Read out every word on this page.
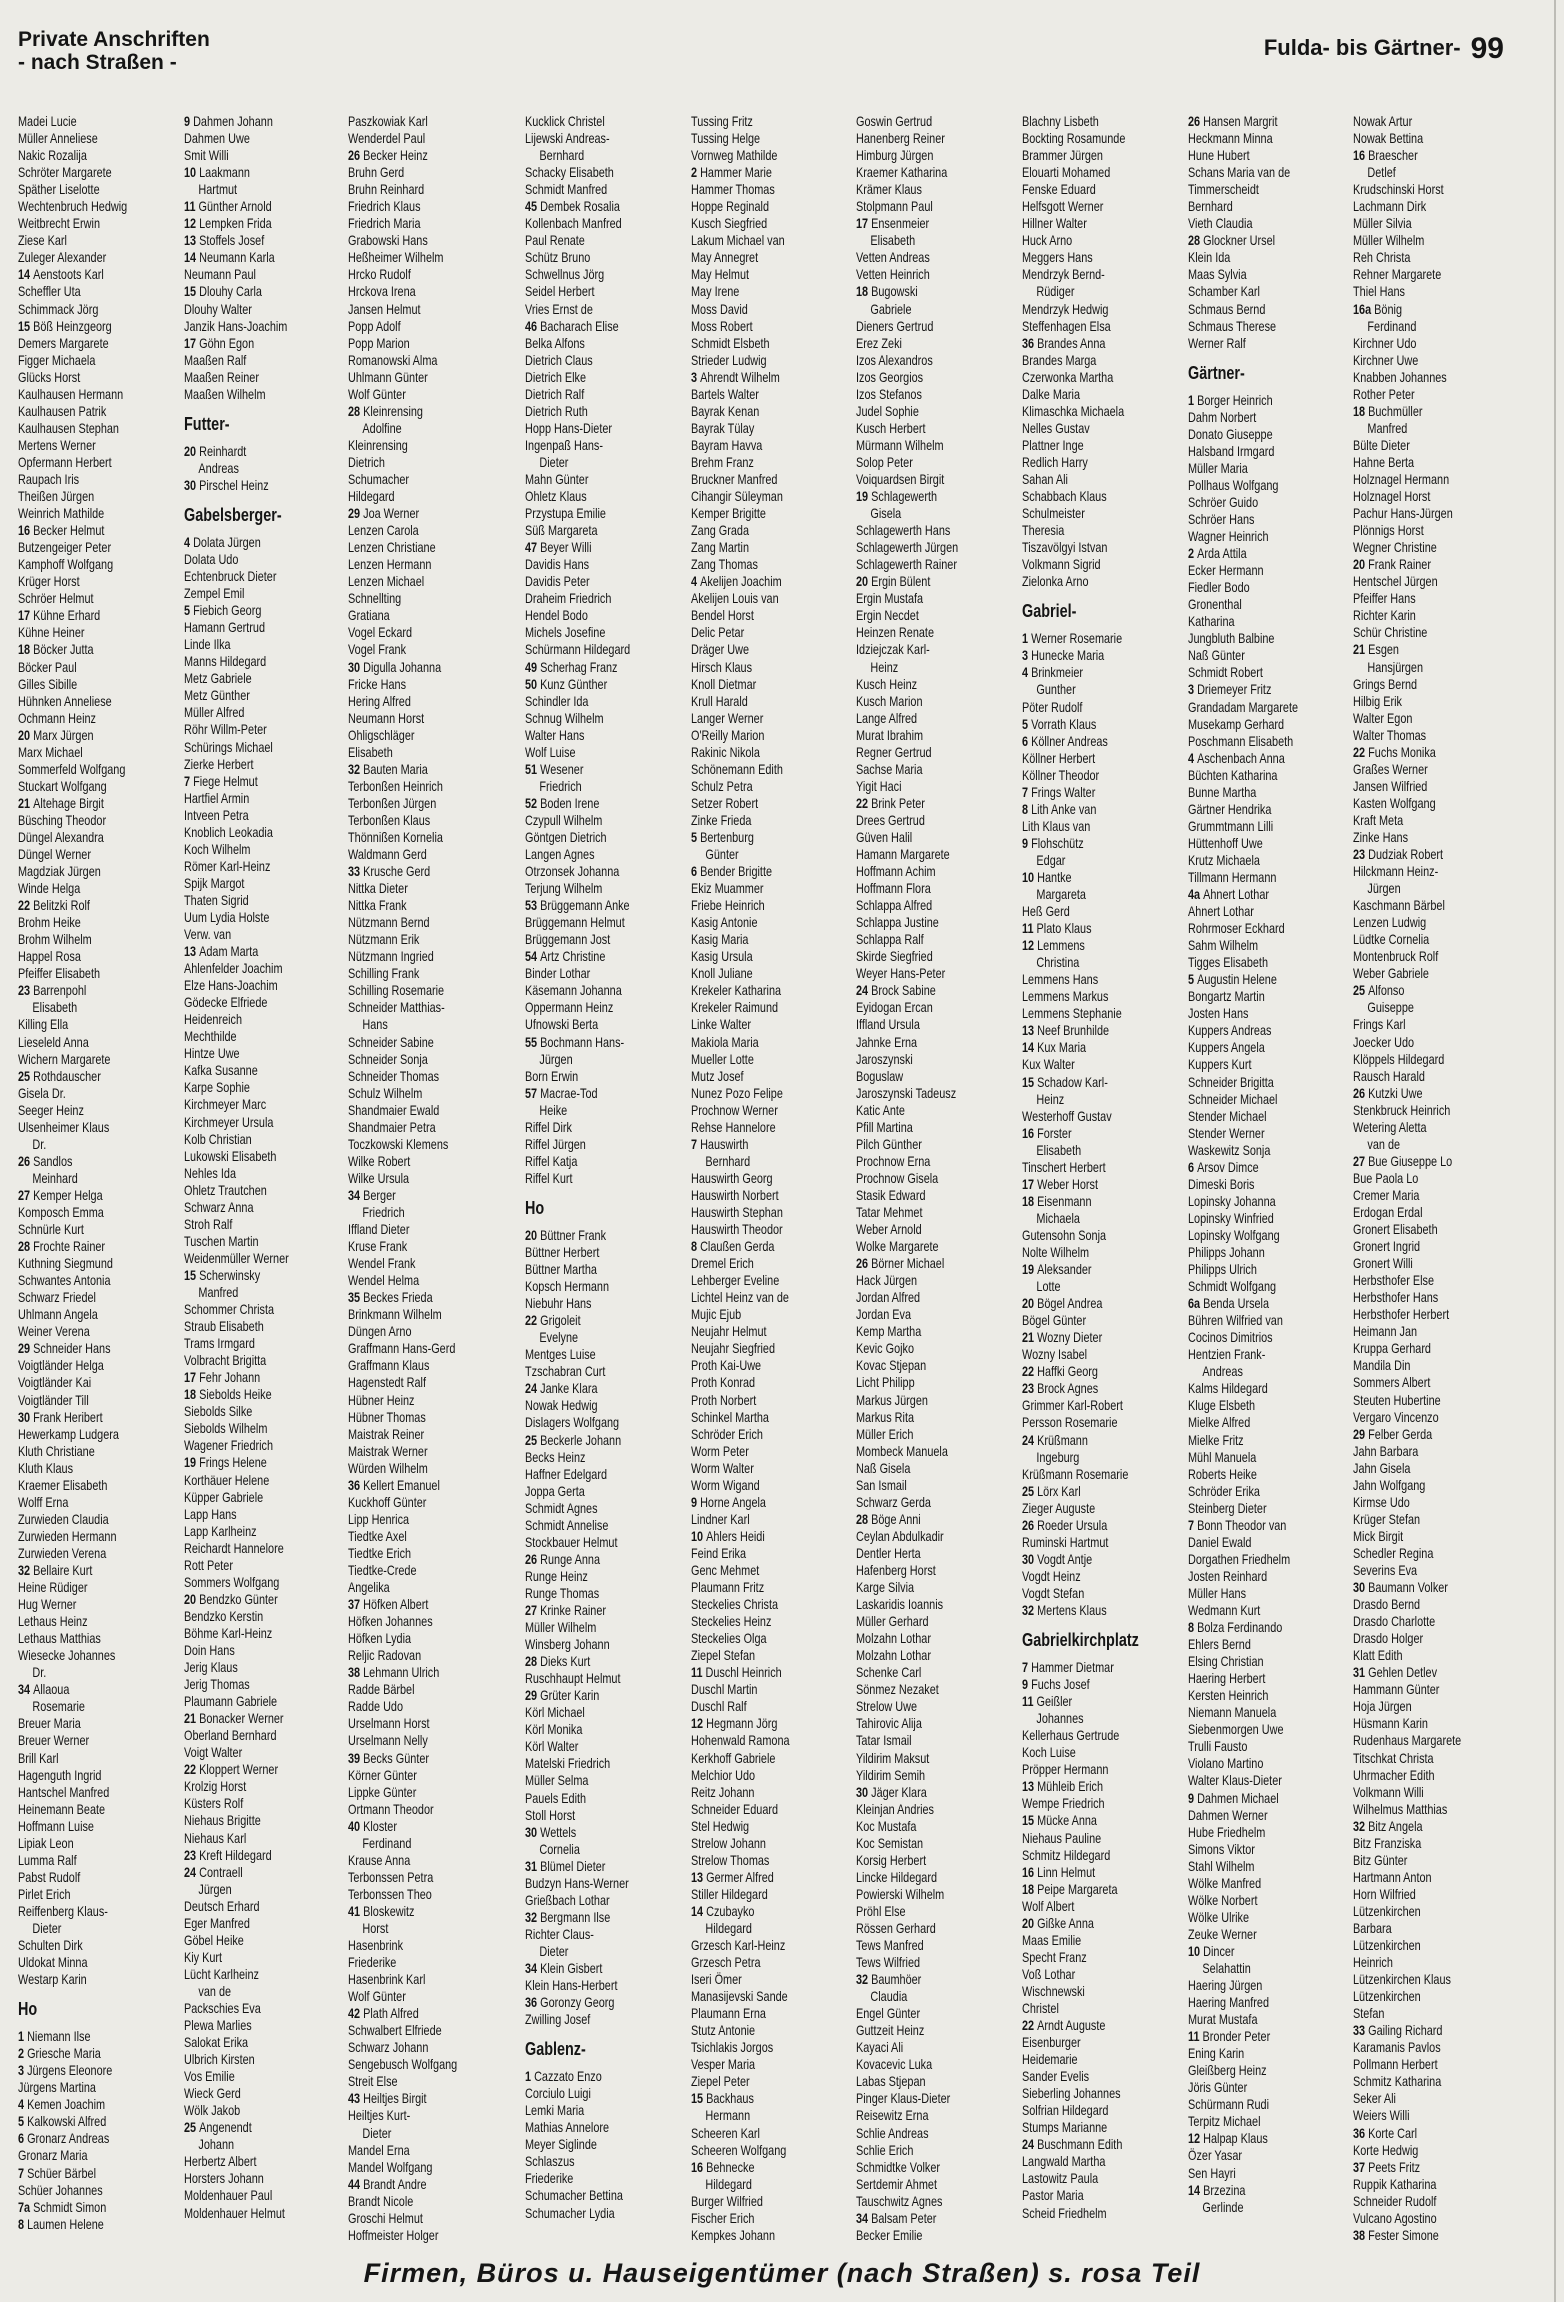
Private Anschriften
- nach Straßen -
Fulda- bis Gärtner- 99
Madei Lucie
Müller Anneliese
Nakic Rozalija
Schröter Margarete
Späther Liselotte
Wechtenbruch Hedwig
Weitbrecht Erwin
Ziese Karl
Zuleger Alexander
14 Aenstoots Karl
Scheffler Uta
Schimmack Jörg
15 Böß Heinzgeorg
Demers Margarete
Figger Michaela
Glücks Horst
Kaulhausen Hermann
Kaulhausen Patrik
Kaulhausen Stephan
Mertens Werner
Opfermann Herbert
Raupach Iris
Theißen Jürgen
Weinrich Mathilde
16 Becker Helmut
Butzengeiger Peter
Kamphoff Wolfgang
Krüger Horst
Schröer Helmut
17 Kühne Erhard
Kühne Heiner
18 Böcker Jutta
Böcker Paul
Gilles Sibille
Hühnken Anneliese
Ochmann Heinz
20 Marx Jürgen
Marx Michael
Sommerfeld Wolfgang
Stuckart Wolfgang
21 Altehage Birgit
Büsching Theodor
Düngel Alexandra
Düngel Werner
Magdziak Jürgen
Winde Helga
22 Belitzki Rolf
Brohm Heike
Brohm Wilhelm
Happel Rosa
Pfeiffer Elisabeth
23 Barrenpohl
Elisabeth
Killing Ella
Lieseleld Anna
Wichern Margarete
25 Rothdauscher
Gisela Dr.
Seeger Heinz
Ulsenheimer Klaus
Dr.
26 Sandlos
Meinhard
27 Kemper Helga
Komposch Emma
Schnürle Kurt
28 Frochte Rainer
Kuthning Siegmund
Schwantes Antonia
Schwarz Friedel
Uhlmann Angela
Weiner Verena
29 Schneider Hans
Voigtländer Helga
Voigtländer Kai
Voigtländer Till
30 Frank Heribert
Hewerkamp Ludgera
Kluth Christiane
Kluth Klaus
Kraemer Elisabeth
Wolff Erna
Zurwieden Claudia
Zurwieden Hermann
Zurwieden Verena
32 Bellaire Kurt
Heine Rüdiger
Hug Werner
Lethaus Heinz
Lethaus Matthias
Wiesecke Johannes
Dr.
34 Allaoua
Rosemarie
Breuer Maria
Breuer Werner
Brill Karl
Hagenguth Ingrid
Hantschel Manfred
Heinemann Beate
Hoffmann Luise
Lipiak Leon
Lumma Ralf
Pabst Rudolf
Pirlet Erich
Reiffenberg Klaus-
Dieter
Schulten Dirk
Uldokat Minna
Westarp Karin
Ho
1 Niemann Ilse
2 Griesche Maria
3 Jürgens Eleonore
Jürgens Martina
4 Kemen Joachim
5 Kalkowski Alfred
6 Gronarz Andreas
Gronarz Maria
7 Schüer Bärbel
Schüer Johannes
7a Schmidt Simon
8 Laumen Helene
9 Dahmen Johann
Dahmen Uwe
Smit Willi
10 Laakmann
Hartmut
11 Günther Arnold
12 Lempken Frida
13 Stoffels Josef
14 Neumann Karla
Neumann Paul
15 Dlouhy Carla
Dlouhy Walter
Janzik Hans-Joachim
17 Göhn Egon
Maaßen Ralf
Maaßen Reiner
Maaßen Wilhelm
Futter-
20 Reinhardt
Andreas
30 Pirschel Heinz
Gabelsberger-
4 Dolata Jürgen
Dolata Udo
Echtenbruck Dieter
Zempel Emil
5 Fiebich Georg
Hamann Gertrud
Linde Ilka
Manns Hildegard
Metz Gabriele
Metz Günther
Müller Alfred
Röhr Willm-Peter
Schürings Michael
Zierke Herbert
7 Fiege Helmut
Hartfiel Armin
Intveen Petra
Knoblich Leokadia
Koch Wilhelm
Römer Karl-Heinz
Spijk Margot
Thaten Sigrid
Uum Lydia Holste
Verw. van
13 Adam Marta
Ahlenfelder Joachim
Elze Hans-Joachim
Gödecke Elfriede
Heidenreich
Mechthilde
Hintze Uwe
Kafka Susanne
Karpe Sophie
Kirchmeyer Marc
Kirchmeyer Ursula
Kolb Christian
Lukowski Elisabeth
Nehles Ida
Ohletz Trautchen
Schwarz Anna
Stroh Ralf
Tuschen Martin
Weidenmüller Werner
15 Scherwinsky
Manfred
Schommer Christa
Straub Elisabeth
Trams Irmgard
Volbracht Brigitta
17 Fehr Johann
18 Siebolds Heike
Siebolds Silke
Siebolds Wilhelm
Wagener Friedrich
19 Frings Helene
Korthäuer Helene
Küpper Gabriele
Lapp Hans
Lapp Karlheinz
Reichardt Hannelore
Rott Peter
Sommers Wolfgang
20 Bendzko Günter
Bendzko Kerstin
Böhme Karl-Heinz
Doin Hans
Jerig Klaus
Jerig Thomas
Plaumann Gabriele
21 Bonacker Werner
Oberland Bernhard
Voigt Walter
22 Kloppert Werner
Krolzig Horst
Küsters Rolf
Niehaus Brigitte
Niehaus Karl
23 Kreft Hildegard
24 Contraell
Jürgen
Deutsch Erhard
Eger Manfred
Göbel Heike
Kiy Kurt
Lücht Karlheinz
van de
Packschies Eva
Plewa Marlies
Salokat Erika
Ulbrich Kirsten
Vos Emilie
Wieck Gerd
Wölk Jakob
25 Angenendt
Johann
Herbertz Albert
Horsters Johann
Moldenhauer Paul
Moldenhauer Helmut
Paszkowiak Karl
Wenderdel Paul
26 Becker Heinz
Bruhn Gerd
Bruhn Reinhard
Friedrich Klaus
Friedrich Maria
Grabowski Hans
Heßheimer Wilhelm
Hrcko Rudolf
Hrckova Irena
Jansen Helmut
Popp Adolf
Popp Marion
Romanowski Alma
Uhlmann Günter
Wolf Günter
28 Kleinrensing
Adolfine
Kleinrensing
Dietrich
Schumacher
Hildegard
29 Joa Werner
Lenzen Carola
Lenzen Christiane
Lenzen Hermann
Lenzen Michael
Schnellting
Gratiana
Vogel Eckard
Vogel Frank
30 Digulla Johanna
Fricke Hans
Hering Alfred
Neumann Horst
Ohligschläger
Elisabeth
32 Bauten Maria
Terbonßen Heinrich
Terbonßen Jürgen
Terbonßen Klaus
Thönnißen Kornelia
Waldmann Gerd
33 Krusche Gerd
Nittka Dieter
Nittka Frank
Nützmann Bernd
Nützmann Erik
Nützmann Ingried
Schilling Frank
Schilling Rosemarie
Schneider Matthias-
Hans
Schneider Sabine
Schneider Sonja
Schneider Thomas
Schulz Wilhelm
Shandmaier Ewald
Shandmaier Petra
Toczkowski Klemens
Wilke Robert
Wilke Ursula
34 Berger
Friedrich
Iffland Dieter
Kruse Frank
Wendel Frank
Wendel Helma
35 Beckes Frieda
Brinkmann Wilhelm
Düngen Arno
Graffmann Hans-Gerd
Graffmann Klaus
Hagenstedt Ralf
Hübner Heinz
Hübner Thomas
Maistrak Reiner
Maistrak Werner
Würden Wilhelm
36 Kellert Emanuel
Kuckhoff Günter
Lipp Henrica
Tiedtke Axel
Tiedtke Erich
Tiedtke-Crede
Angelika
37 Höfken Albert
Höfken Johannes
Höfken Lydia
Reljic Radovan
38 Lehmann Ulrich
Radde Bärbel
Radde Udo
Urselmann Horst
Urselmann Nelly
39 Becks Günter
Körner Günter
Lippke Günter
Ortmann Theodor
40 Kloster
Ferdinand
Krause Anna
Terbonssen Petra
Terbonssen Theo
41 Bloskewitz
Horst
Hasenbrink
Friederike
Hasenbrink Karl
Wolf Günter
42 Plath Alfred
Schwalbert Elfriede
Schwarz Johann
Sengebusch Wolfgang
Streit Else
43 Heiltjes Birgit
Heiltjes Kurt-
Dieter
Mandel Erna
Mandel Wolfgang
44 Brandt Andre
Brandt Nicole
Groschi Helmut
Hoffmeister Holger
Kucklick Christel
Lijewski Andreas-
Bernhard
Schacky Elisabeth
Schmidt Manfred
45 Dembek Rosalia
Kollenbach Manfred
Paul Renate
Schütz Bruno
Schwellnus Jörg
Seidel Herbert
Vries Ernst de
46 Bacharach Elise
Belka Alfons
Dietrich Claus
Dietrich Elke
Dietrich Ralf
Dietrich Ruth
Hopp Hans-Dieter
Ingenpaß Hans-
Dieter
Mahn Günter
Ohletz Klaus
Przystupa Emilie
Süß Margareta
47 Beyer Willi
Davidis Hans
Davidis Peter
Draheim Friedrich
Hendel Bodo
Michels Josefine
Schürmann Hildegard
49 Scherhag Franz
50 Kunz Günther
Schindler Ida
Schnug Wilhelm
Walter Hans
Wolf Luise
51 Wesener
Friedrich
52 Boden Irene
Czypull Wilhelm
Göntgen Dietrich
Langen Agnes
Otrzonsek Johanna
Terjung Wilhelm
53 Brüggemann Anke
Brüggemann Helmut
Brüggemann Jost
54 Artz Christine
Binder Lothar
Käsemann Johanna
Oppermann Heinz
Ufnowski Berta
55 Bochmann Hans-
Jürgen
Born Erwin
57 Macrae-Tod
Heike
Riffel Dirk
Riffel Jürgen
Riffel Katja
Riffel Kurt
Ho
20 Büttner Frank
Büttner Herbert
Büttner Martha
Kopsch Hermann
Niebuhr Hans
22 Grigoleit
Evelyne
Mentges Luise
Tzschabran Curt
24 Janke Klara
Nowak Hedwig
Dislagers Wolfgang
25 Beckerle Johann
Becks Heinz
Haffner Edelgard
Joppa Gerta
Schmidt Agnes
Schmidt Annelise
Stockbauer Helmut
26 Runge Anna
Runge Heinz
Runge Thomas
27 Krinke Rainer
Müller Wilhelm
Winsberg Johann
28 Dieks Kurt
Ruschhaupt Helmut
29 Grüter Karin
Körl Michael
Körl Monika
Körl Walter
Matelski Friedrich
Müller Selma
Pauels Edith
Stoll Horst
30 Wettels
Cornelia
31 Blümel Dieter
Budzyn Hans-Werner
Grießbach Lothar
32 Bergmann Ilse
Richter Claus-
Dieter
34 Klein Gisbert
Klein Hans-Herbert
36 Goronzy Georg
Zwilling Josef
Gablenz-
1 Cazzato Enzo
Corciulo Luigi
Lemki Maria
Mathias Annelore
Meyer Siglinde
Schlaszus
Friederike
Schumacher Bettina
Schumacher Lydia
Tussing Fritz
Tussing Helge
Vornweg Mathilde
2 Hammer Marie
Hammer Thomas
Hoppe Reginald
Kusch Siegfried
Lakum Michael van
May Annegret
May Helmut
May Irene
Moss David
Moss Robert
Schmidt Elsbeth
Strieder Ludwig
3 Ahrendt Wilhelm
Bartels Walter
Bayrak Kenan
Bayrak Tülay
Bayram Havva
Brehm Franz
Bruckner Manfred
Cihangir Süleyman
Kemper Brigitte
Zang Grada
Zang Martin
Zang Thomas
4 Akelijen Joachim
Akelijen Louis van
Bendel Horst
Delic Petar
Dräger Uwe
Hirsch Klaus
Knoll Dietmar
Krull Harald
Langer Werner
O'Reilly Marion
Rakinic Nikola
Schönemann Edith
Schulz Petra
Setzer Robert
Zinke Frieda
5 Bertenburg
Günter
6 Bender Brigitte
Ekiz Muammer
Friebe Heinrich
Kasig Antonie
Kasig Maria
Kasig Ursula
Knoll Juliane
Krekeler Katharina
Krekeler Raimund
Linke Walter
Makiola Maria
Mueller Lotte
Mutz Josef
Nunez Pozo Felipe
Prochnow Werner
Rehse Hannelore
7 Hauswirth
Bernhard
Hauswirth Georg
Hauswirth Norbert
Hauswirth Stephan
Hauswirth Theodor
8 Claußen Gerda
Dremel Erich
Lehberger Eveline
Lichtel Heinz van de
Mujic Ejub
Neujahr Helmut
Neujahr Siegfried
Proth Kai-Uwe
Proth Konrad
Proth Norbert
Schinkel Martha
Schröder Erich
Worm Peter
Worm Walter
Worm Wigand
9 Horne Angela
Lindner Karl
10 Ahlers Heidi
Feind Erika
Genc Mehmet
Plaumann Fritz
Steckelies Christa
Steckelies Heinz
Steckelies Olga
Ziepel Stefan
11 Duschl Heinrich
Duschl Martin
Duschl Ralf
12 Hegmann Jörg
Hohenwald Ramona
Kerkhoff Gabriele
Melchior Udo
Reitz Johann
Schneider Eduard
Stel Hedwig
Strelow Johann
Strelow Thomas
13 Germer Alfred
Stiller Hildegard
14 Czubayko
Hildegard
Grzesch Karl-Heinz
Grzesch Petra
Iseri Ömer
Manasijevski Sande
Plaumann Erna
Stutz Antonie
Tsichlakis Jorgos
Vesper Maria
Ziepel Peter
15 Backhaus
Hermann
Scheeren Karl
Scheeren Wolfgang
16 Behnecke
Hildegard
Burger Wilfried
Fischer Erich
Kempkes Johann
Goswin Gertrud
Hanenberg Reiner
Himburg Jürgen
Kraemer Katharina
Krämer Klaus
Stolpmann Paul
17 Ensenmeier
Elisabeth
Vetten Andreas
Vetten Heinrich
18 Bugowski
Gabriele
Dieners Gertrud
Erez Zeki
Izos Alexandros
Izos Georgios
Izos Stefanos
Judel Sophie
Kusch Herbert
Mürmann Wilhelm
Solop Peter
Voiquardsen Birgit
19 Schlagewerth
Gisela
Schlagewerth Hans
Schlagewerth Jürgen
Schlagewerth Rainer
20 Ergin Bülent
Ergin Mustafa
Ergin Necdet
Heinzen Renate
Idziejczak Karl-
Heinz
Kusch Heinz
Kusch Marion
Lange Alfred
Murat Ibrahim
Regner Gertrud
Sachse Maria
Yigit Haci
22 Brink Peter
Drees Gertrud
Güven Halil
Hamann Margarete
Hoffmann Achim
Hoffmann Flora
Schlappa Alfred
Schlappa Justine
Schlappa Ralf
Skirde Siegfried
Weyer Hans-Peter
24 Brock Sabine
Eyidogan Ercan
Iffland Ursula
Jahnke Erna
Jaroszynski
Boguslaw
Jaroszynski Tadeusz
Katic Ante
Pfill Martina
Pilch Günther
Prochnow Erna
Prochnow Gisela
Stasik Edward
Tatar Mehmet
Weber Arnold
Wolke Margarete
26 Börner Michael
Hack Jürgen
Jordan Alfred
Jordan Eva
Kemp Martha
Kevic Gojko
Kovac Stjepan
Licht Philipp
Markus Jürgen
Markus Rita
Müller Erich
Mombeck Manuela
Naß Gisela
San Ismail
Schwarz Gerda
28 Böge Anni
Ceylan Abdulkadir
Dentler Herta
Hafenberg Horst
Karge Silvia
Laskaridis Ioannis
Müller Gerhard
Molzahn Lothar
Molzahn Lothar
Schenke Carl
Sönmez Nezaket
Strelow Uwe
Tahirovic Alija
Tatar Ismail
Yildirim Maksut
Yildirim Semih
30 Jäger Klara
Kleinjan Andries
Koc Mustafa
Koc Semistan
Korsig Herbert
Lincke Hildegard
Powierski Wilhelm
Pröhl Else
Rössen Gerhard
Tews Manfred
Tews Wilfried
32 Baumhöer
Claudia
Engel Günter
Guttzeit Heinz
Kayaci Ali
Kovacevic Luka
Labas Stjepan
Pinger Klaus-Dieter
Reisewitz Erna
Schlie Andreas
Schlie Erich
Schmidtke Volker
Sertdemir Ahmet
Tauschwitz Agnes
34 Balsam Peter
Becker Emilie
Blachny Lisbeth
Bockting Rosamunde
Brammer Jürgen
Elouarti Mohamed
Fenske Eduard
Helfsgott Werner
Hillner Walter
Huck Arno
Meggers Hans
Mendrzyk Bernd-
Rüdiger
Mendrzyk Hedwig
Steffenhagen Elsa
36 Brandes Anna
Brandes Marga
Czerwonka Martha
Dalke Maria
Klimaschka Michaela
Nelles Gustav
Plattner Inge
Redlich Harry
Sahan Ali
Schabbach Klaus
Schulmeister
Theresia
Tiszavölgyi Istvan
Volkmann Sigrid
Zielonka Arno
Gabriel-
1 Werner Rosemarie
3 Hunecke Maria
4 Brinkmeier
Gunther
Pöter Rudolf
5 Vorrath Klaus
6 Köllner Andreas
Köllner Herbert
Köllner Theodor
7 Frings Walter
8 Lith Anke van
Lith Klaus van
9 Flohschütz
Edgar
10 Hantke
Margareta
Heß Gerd
11 Plato Klaus
12 Lemmens
Christina
Lemmens Hans
Lemmens Markus
Lemmens Stephanie
13 Neef Brunhilde
14 Kux Maria
Kux Walter
15 Schadow Karl-
Heinz
Westerhoff Gustav
16 Forster
Elisabeth
Tinschert Herbert
17 Weber Horst
18 Eisenmann
Michaela
Gutensohn Sonja
Nolte Wilhelm
19 Aleksander
Lotte
20 Bögel Andrea
Bögel Günter
21 Wozny Dieter
Wozny Isabel
22 Haffki Georg
23 Brock Agnes
Grimmer Karl-Robert
Persson Rosemarie
24 Krüßmann
Ingeburg
Krüßmann Rosemarie
25 Lörx Karl
Zieger Auguste
26 Roeder Ursula
Ruminski Hartmut
30 Vogdt Antje
Vogdt Heinz
Vogdt Stefan
32 Mertens Klaus
Gabrielkirchplatz
7 Hammer Dietmar
9 Fuchs Josef
11 Geißler
Johannes
Kellerhaus Gertrude
Koch Luise
Pröpper Hermann
13 Mühleib Erich
Wempe Friedrich
15 Mücke Anna
Niehaus Pauline
Schmitz Hildegard
16 Linn Helmut
18 Peipe Margareta
Wolf Albert
20 Gißke Anna
Maas Emilie
Specht Franz
Voß Lothar
Wischnewski
Christel
22 Arndt Auguste
Eisenburger
Heidemarie
Sander Evelis
Sieberling Johannes
Solfrian Hildegard
Stumps Marianne
24 Buschmann Edith
Langwald Martha
Lastowitz Paula
Pastor Maria
Scheid Friedhelm
26 Hansen Margrit
Heckmann Minna
Hune Hubert
Schans Maria van de
Timmerscheidt
Bernhard
Vieth Claudia
28 Glockner Ursel
Klein Ida
Maas Sylvia
Schamber Karl
Schmaus Bernd
Schmaus Therese
Werner Ralf
Gärtner-
1 Borger Heinrich
Dahm Norbert
Donato Giuseppe
Halsband Irmgard
Müller Maria
Pollhaus Wolfgang
Schröer Guido
Schröer Hans
Wagner Heinrich
2 Arda Attila
Ecker Hermann
Fiedler Bodo
Gronenthal
Katharina
Jungbluth Balbine
Naß Günter
Schmidt Robert
3 Driemeyer Fritz
Grandadam Margarete
Musekamp Gerhard
Poschmann Elisabeth
4 Aschenbach Anna
Büchten Katharina
Bunne Martha
Gärtner Hendrika
Grummtmann Lilli
Hüttenhoff Uwe
Krutz Michaela
Tillmann Hermann
4a Ahnert Lothar
Ahnert Lothar
Rohrmoser Eckhard
Sahm Wilhelm
Tigges Elisabeth
5 Augustin Helene
Bongartz Martin
Josten Hans
Kuppers Andreas
Kuppers Angela
Kuppers Kurt
Schneider Brigitta
Schneider Michael
Stender Michael
Stender Werner
Waskewitz Sonja
6 Arsov Dimce
Dimeski Boris
Lopinsky Johanna
Lopinsky Winfried
Lopinsky Wolfgang
Philipps Johann
Philipps Ulrich
Schmidt Wolfgang
6a Benda Ursela
Bühren Wilfried van
Cocinos Dimitrios
Hentzien Frank-
Andreas
Kalms Hildegard
Kluge Elsbeth
Mielke Alfred
Mielke Fritz
Mühl Manuela
Roberts Heike
Schröder Erika
Steinberg Dieter
7 Bonn Theodor van
Daniel Ewald
Dorgathen Friedhelm
Josten Reinhard
Müller Hans
Wedmann Kurt
8 Bolza Ferdinando
Ehlers Bernd
Elsing Christian
Haering Herbert
Kersten Heinrich
Niemann Manuela
Siebenmorgen Uwe
Trulli Fausto
Violano Martino
Walter Klaus-Dieter
9 Dahmen Michael
Dahmen Werner
Hube Friedhelm
Simons Viktor
Stahl Wilhelm
Wölke Manfred
Wölke Norbert
Wölke Ulrike
Zeuke Werner
10 Dincer
Selahattin
Haering Jürgen
Haering Manfred
Murat Mustafa
11 Bronder Peter
Ening Karin
Gleißberg Heinz
Jöris Günter
Schürmann Rudi
Terpitz Michael
12 Halpap Klaus
Özer Yasar
Sen Hayri
14 Brzezina
Gerlinde
Nowak Artur
Nowak Bettina
16 Braescher
Detlef
Krudschinski Horst
Lachmann Dirk
Müller Silvia
Müller Wilhelm
Reh Christa
Rehner Margarete
Thiel Hans
16a Bönig
Ferdinand
Kirchner Udo
Kirchner Uwe
Knabben Johannes
Rother Peter
18 Buchmüller
Manfred
Bülte Dieter
Hahne Berta
Holznagel Hermann
Holznagel Horst
Pachur Hans-Jürgen
Plönnigs Horst
Wegner Christine
20 Frank Rainer
Hentschel Jürgen
Pfeiffer Hans
Richter Karin
Schür Christine
21 Esgen
Hansjürgen
Grings Bernd
Hilbig Erik
Walter Egon
Walter Thomas
22 Fuchs Monika
Graßes Werner
Jansen Wilfried
Kasten Wolfgang
Kraft Meta
Zinke Hans
23 Dudziak Robert
Hilckmann Heinz-
Jürgen
Kaschmann Bärbel
Lenzen Ludwig
Lüdtke Cornelia
Montenbruck Rolf
Weber Gabriele
25 Alfonso
Guiseppe
Frings Karl
Joecker Udo
Klöppels Hildegard
Rausch Harald
26 Kutzki Uwe
Stenkbruck Heinrich
Wetering Aletta
van de
27 Bue Giuseppe Lo
Bue Paola Lo
Cremer Maria
Erdogan Erdal
Gronert Elisabeth
Gronert Ingrid
Gronert Willi
Herbsthofer Else
Herbsthofer Hans
Herbsthofer Herbert
Heimann Jan
Kruppa Gerhard
Mandila Din
Sommers Albert
Steuten Hubertine
Vergaro Vincenzo
29 Felber Gerda
Jahn Barbara
Jahn Gisela
Jahn Wolfgang
Kirmse Udo
Krüger Stefan
Mick Birgit
Schedler Regina
Severins Eva
30 Baumann Volker
Drasdo Bernd
Drasdo Charlotte
Drasdo Holger
Klatt Edith
31 Gehlen Detlev
Hammann Günter
Hoja Jürgen
Hüsmann Karin
Rudenhaus Margarete
Titschkat Christa
Uhrmacher Edith
Volkmann Willi
Wilhelmus Matthias
32 Bitz Angela
Bitz Franziska
Bitz Günter
Hartmann Anton
Horn Wilfried
Lützenkirchen
Barbara
Lützenkirchen
Heinrich
Lützenkirchen Klaus
Lützenkirchen
Stefan
33 Gailing Richard
Karamanis Pavlos
Pollmann Herbert
Schmitz Katharina
Seker Ali
Weiers Willi
36 Korte Carl
Korte Hedwig
37 Peets Fritz
Ruppik Katharina
Schneider Rudolf
Vulcano Agostino
38 Fester Simone
Firmen, Büros u. Hauseigentümer (nach Straßen) s. rosa Teil
